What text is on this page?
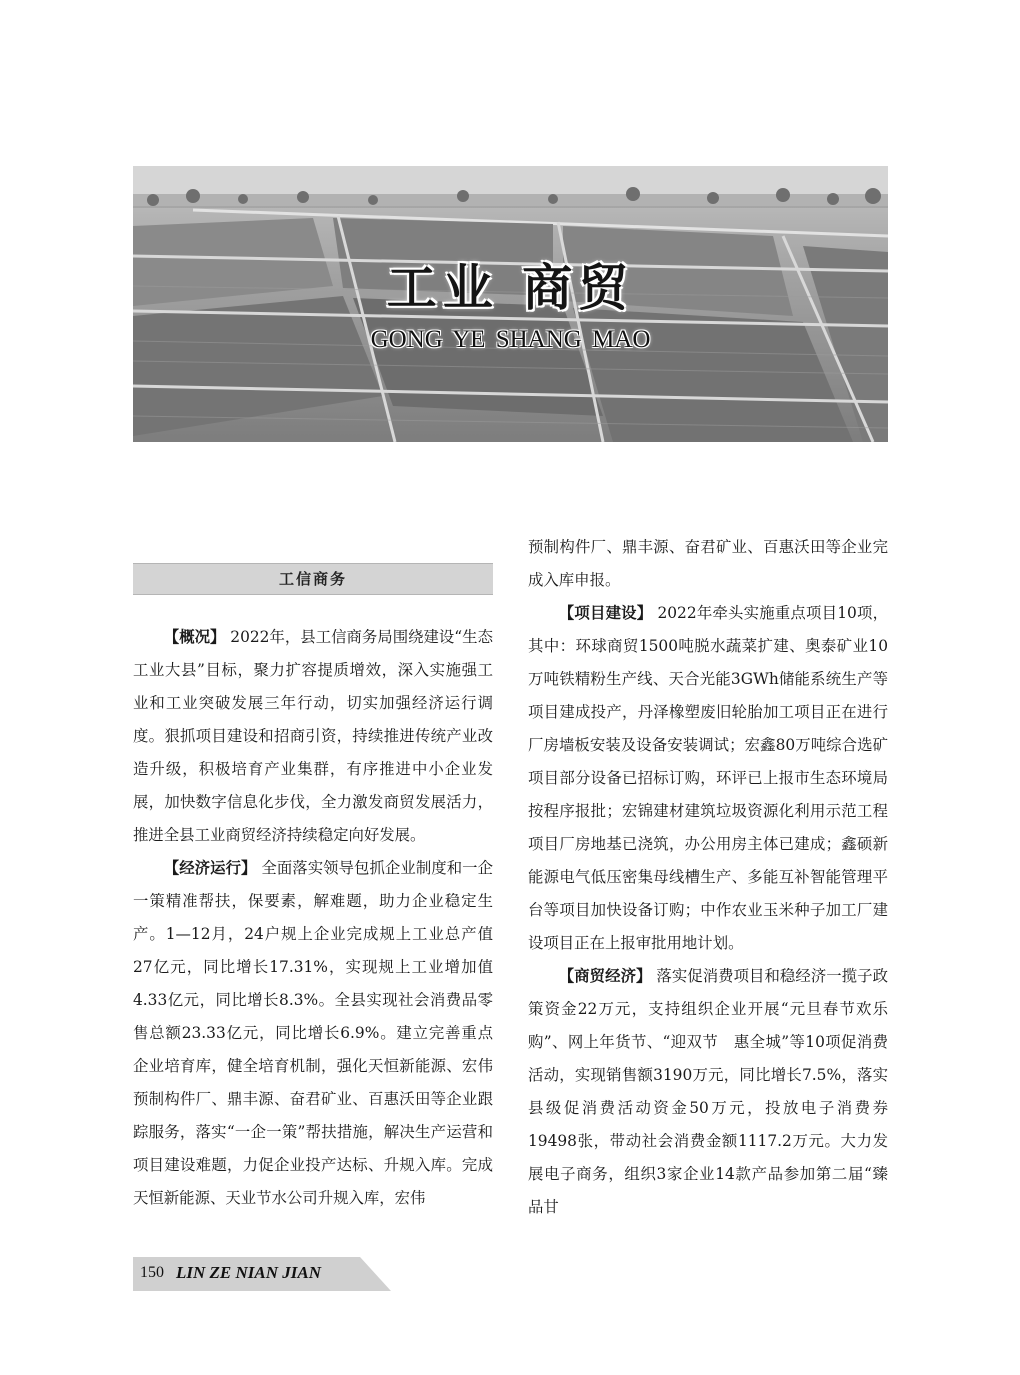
工业 商贸
GONG YE SHANG MAO
工信商务

【概况】 2022年，县工信商务局围绕建设“生态工业大县”目标，聚力扩容提质增效，深入实施强工业和工业突破发展三年行动，切实加强经济运行调度。狠抓项目建设和招商引资，持续推进传统产业改造升级，积极培育产业集群，有序推进中小企业发展，加快数字信息化步伐，全力激发商贸发展活力，推进全县工业商贸经济持续稳定向好发展。

【经济运行】 全面落实领导包抓企业制度和一企一策精准帮扶，保要素，解难题，助力企业稳定生产。1—12月，24户规上企业完成规上工业总产值27亿元，同比增长17.31%，实现规上工业增加值4.33亿元，同比增长8.3%。全县实现社会消费品零售总额23.33亿元，同比增长6.9%。建立完善重点企业培育库，健全培育机制，强化天恒新能源、宏伟预制构件厂、鼎丰源、奋君矿业、百惠沃田等企业跟踪服务，落实“一企一策”帮扶措施，解决生产运营和项目建设难题，力促企业投产达标、升规入库。完成天恒新能源、天业节水公司升规入库，宏伟

预制构件厂、鼎丰源、奋君矿业、百惠沃田等企业完成入库申报。

【项目建设】 2022年牵头实施重点项目10项，其中：环球商贸1500吨脱水蔬菜扩建、奥泰矿业10万吨铁精粉生产线、天合光能3GWh储能系统生产等项目建成投产，丹泽橡塑废旧轮胎加工项目正在进行厂房墙板安装及设备安装调试；宏鑫80万吨综合选矿项目部分设备已招标订购，环评已上报市生态环境局按程序报批；宏锦建材建筑垃圾资源化利用示范工程项目厂房地基已浇筑，办公用房主体已建成；鑫硕新能源电气低压密集母线槽生产、多能互补智能管理平台等项目加快设备订购；中作农业玉米种子加工厂建设项目正在上报审批用地计划。

【商贸经济】 落实促消费项目和稳经济一揽子政策资金22万元，支持组织企业开展“元旦春节欢乐购”、网上年货节、“迎双节　惠全城”等10项促消费活动，实现销售额3190万元，同比增长7.5%，落实县级促消费活动资金50万元，投放电子消费券19498张，带动社会消费金额1117.2万元。大力发展电子商务，组织3家企业14款产品参加第二届“臻品甘

150 LIN ZE NIAN JIAN
